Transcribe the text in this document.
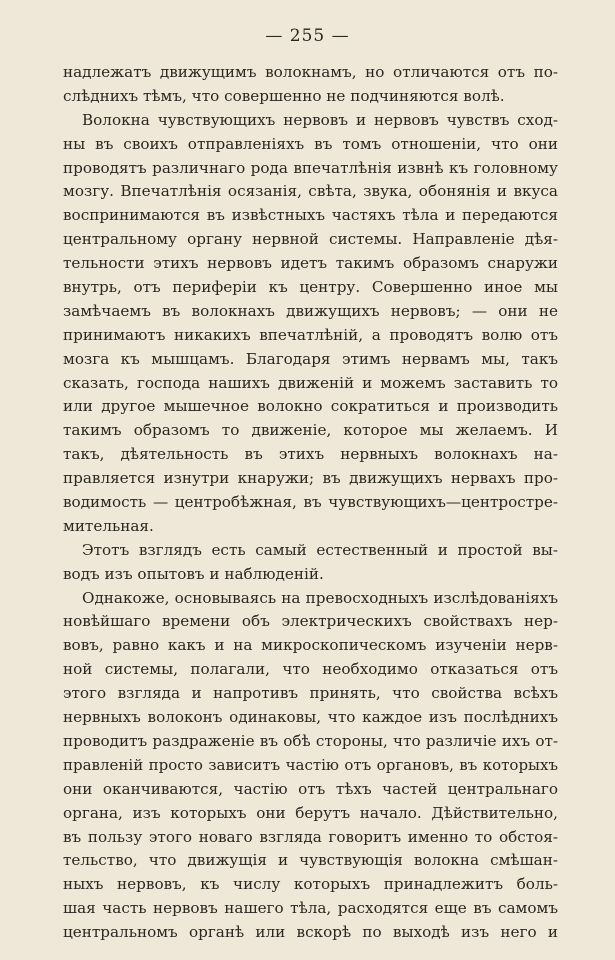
— 255 —
надлежатъ движущимъ волокнамъ, но отличаются отъ по-
слѣднихъ тѣмъ, что совершенно не подчиняются волѣ.
Волокна чувствующихъ нервовъ и нервовъ чувствъ сход-
ны въ своихъ отправленіяхъ въ томъ отношеніи, что они
проводятъ различнаго рода впечатлѣнія извнѣ къ головному
мозгу. Впечатлѣнія осязанія, свѣта, звука, обонянія и вкуса
воспринимаются въ извѣстныхъ частяхъ тѣла и передаются
центральному органу нервной системы. Направленіе дѣя-
тельности этихъ нервовъ идетъ такимъ образомъ снаружи
внутрь, отъ периферіи къ центру. Совершенно иное мы
замѣчаемъ въ волокнахъ движущихъ нервовъ; — они не
принимаютъ никакихъ впечатлѣній, а проводятъ волю отъ
мозга къ мышцамъ. Благодаря этимъ нервамъ мы, такъ
сказать, господа нашихъ движеній и можемъ заставить то
или другое мышечное волокно сократиться и производить
такимъ образомъ то движеніе, которое мы желаемъ. И
такъ, дѣятельность въ этихъ нервныхъ волокнахъ на-
правляется изнутри кнаружи; въ движущихъ нервахъ про-
водимость — центробѣжная, въ чувствующихъ—центростре-
мительная.
Этотъ взглядъ есть самый естественный и простой вы-
водъ изъ опытовъ и наблюденій.
Однакоже, основываясь на превосходныхъ изслѣдованіяхъ
новѣйшаго времени объ электрическихъ свойствахъ нер-
вовъ, равно какъ и на микроскопическомъ изученіи нерв-
ной системы, полагали, что необходимо отказаться отъ
этого взгляда и напротивъ принять, что свойства всѣхъ
нервныхъ волоконъ одинаковы, что каждое изъ послѣднихъ
проводитъ раздраженіе въ обѣ стороны, что различіе ихъ от-
правленій просто зависитъ частію отъ органовъ, въ которыхъ
они оканчиваются, частію отъ тѣхъ частей центральнаго
органа, изъ которыхъ они берутъ начало. Дѣйствительно,
въ пользу этого новаго взгляда говоритъ именно то обстоя-
тельство, что движущія и чувствующія волокна смѣшан-
ныхъ нервовъ, къ числу которыхъ принадлежитъ боль-
шая часть нервовъ нашего тѣла, расходятся еще въ самомъ
центральномъ органѣ или вскорѣ по выходѣ изъ него и
